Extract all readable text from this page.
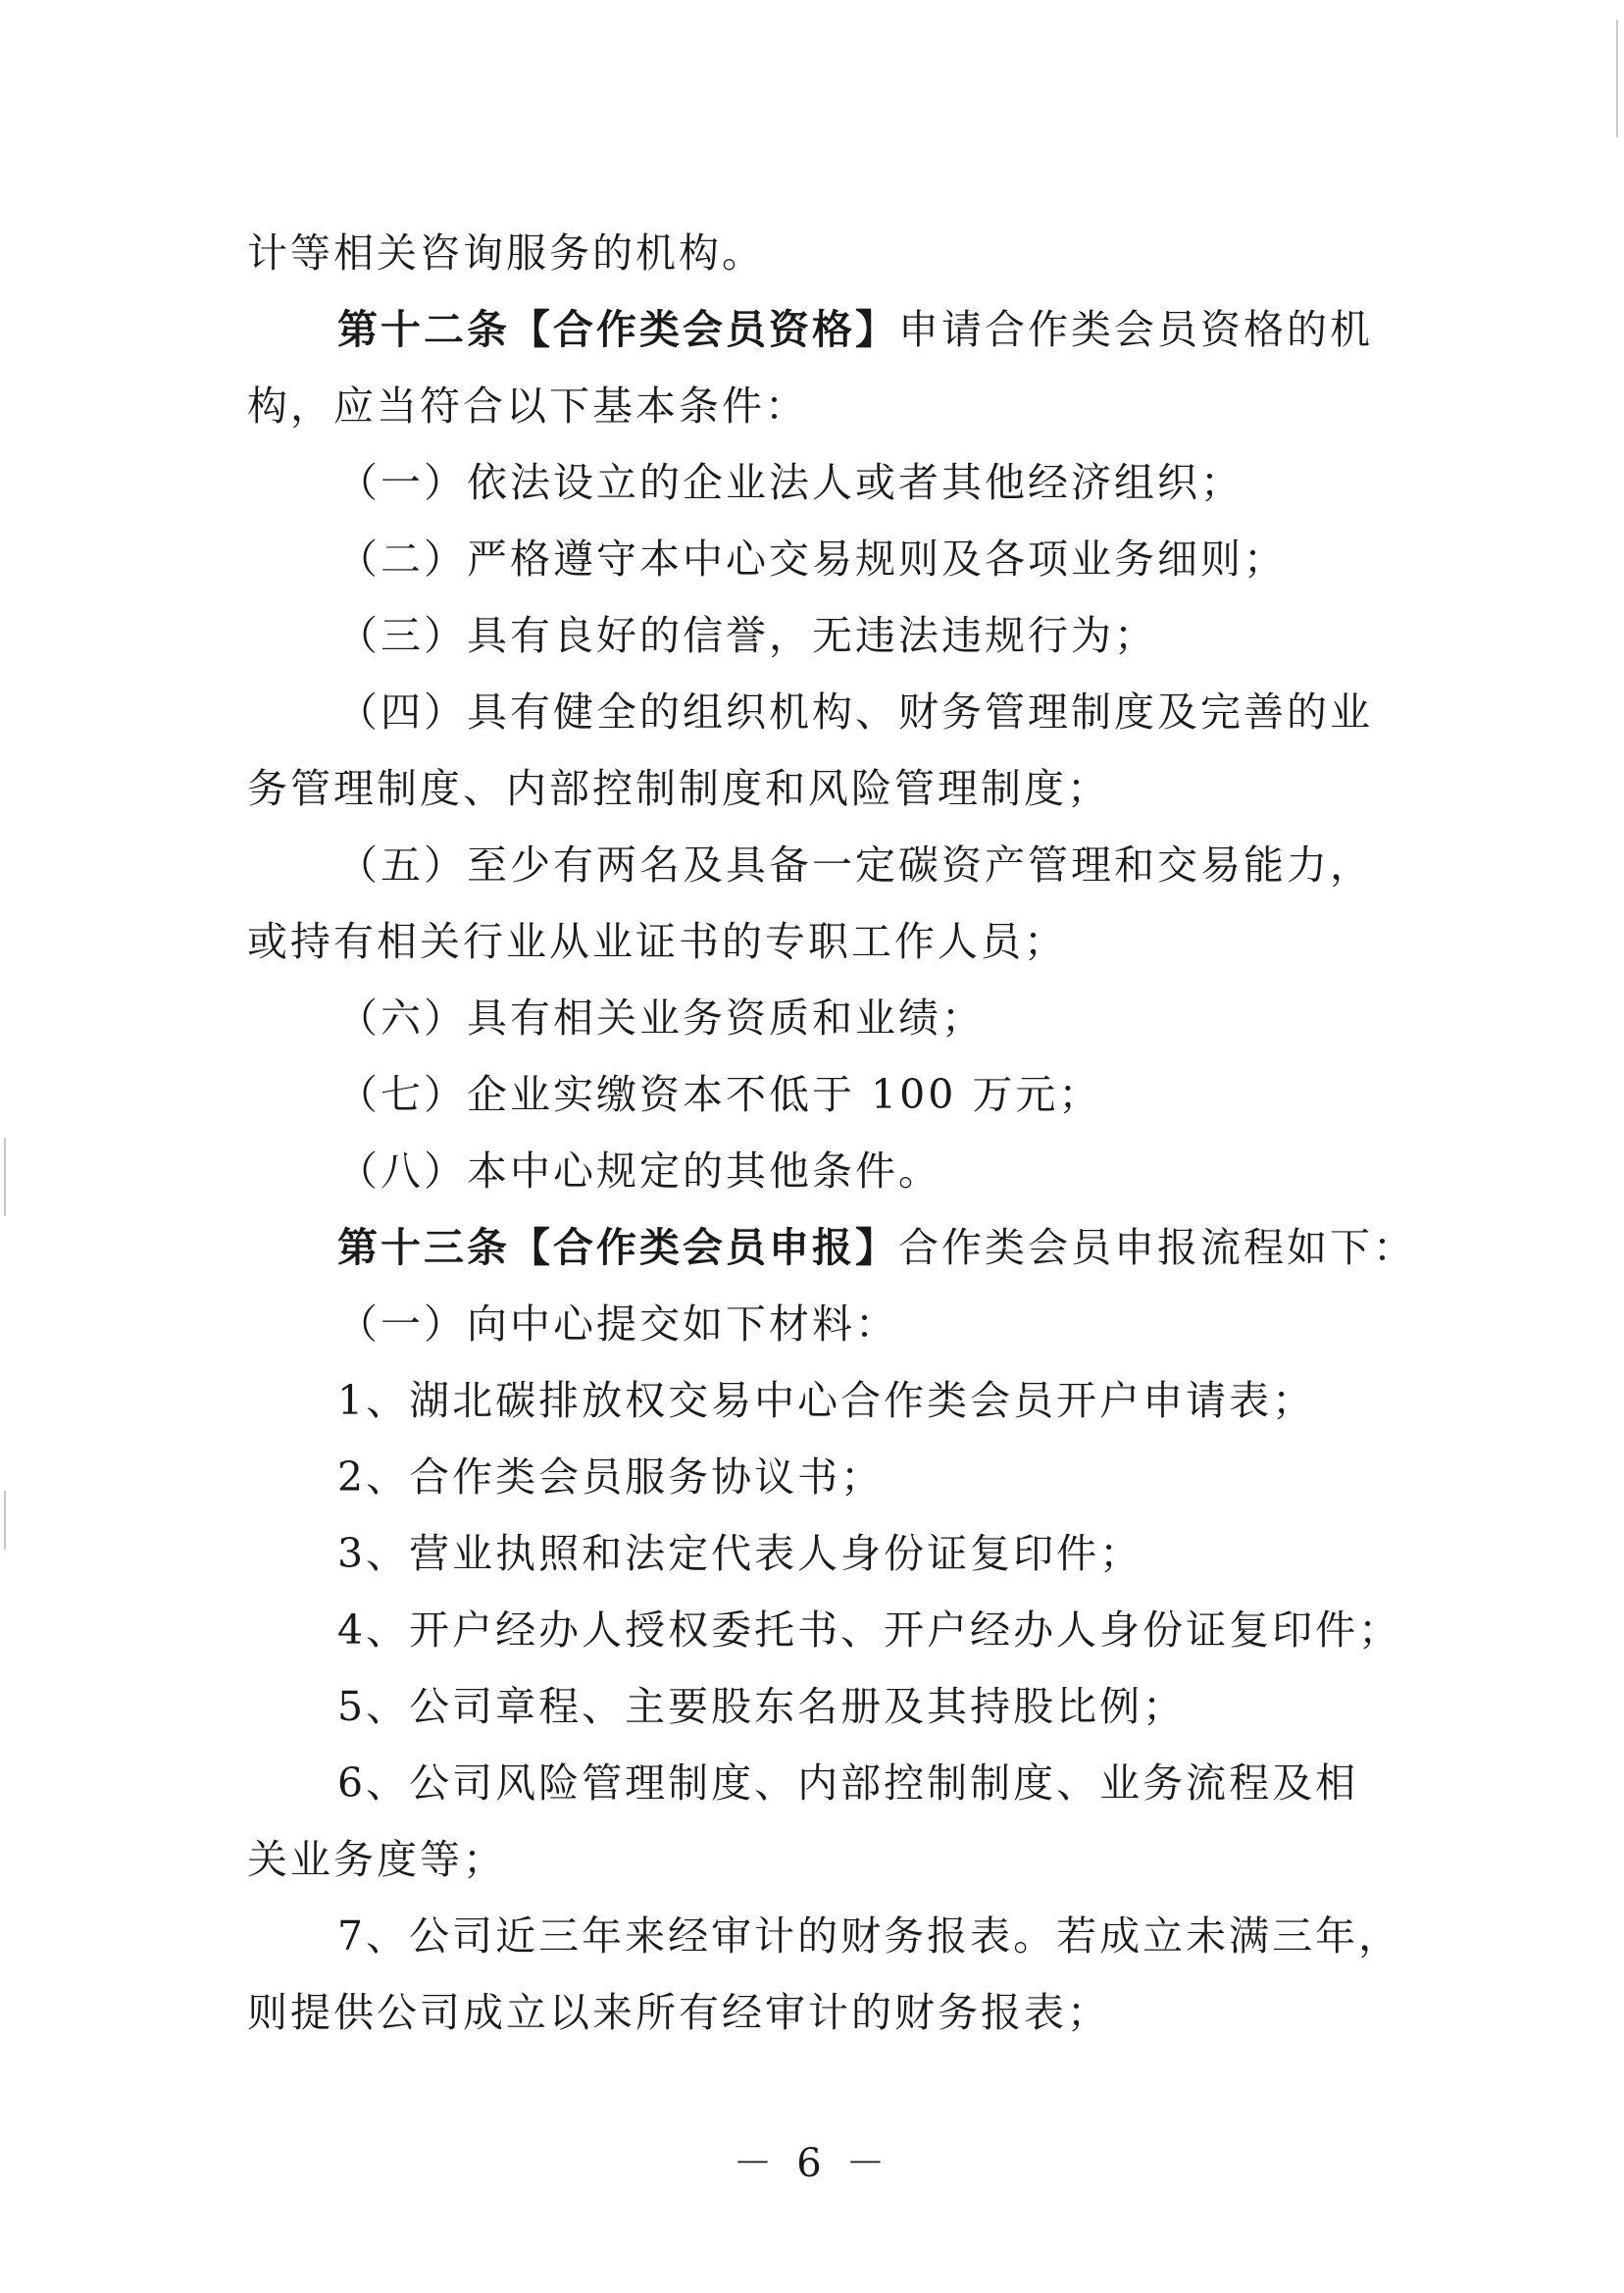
计等相关咨询服务的机构。
第十二条【合作类会员资格】申请合作类会员资格的机
构，应当符合以下基本条件：
（一）依法设立的企业法人或者其他经济组织；
（二）严格遵守本中心交易规则及各项业务细则；
（三）具有良好的信誉，无违法违规行为；
（四）具有健全的组织机构、财务管理制度及完善的业
务管理制度、内部控制制度和风险管理制度；
（五）至少有两名及具备一定碳资产管理和交易能力，
或持有相关行业从业证书的专职工作人员；
（六）具有相关业务资质和业绩；
（七）企业实缴资本不低于 100 万元；
（八）本中心规定的其他条件。
第十三条【合作类会员申报】合作类会员申报流程如下：
（一）向中心提交如下材料：
1、湖北碳排放权交易中心合作类会员开户申请表；
2、合作类会员服务协议书；
3、营业执照和法定代表人身份证复印件；
4、开户经办人授权委托书、开户经办人身份证复印件；
5、公司章程、主要股东名册及其持股比例；
6、公司风险管理制度、内部控制制度、业务流程及相
关业务度等；
7、公司近三年来经审计的财务报表。若成立未满三年，
则提供公司成立以来所有经审计的财务报表；
－ 6 －
